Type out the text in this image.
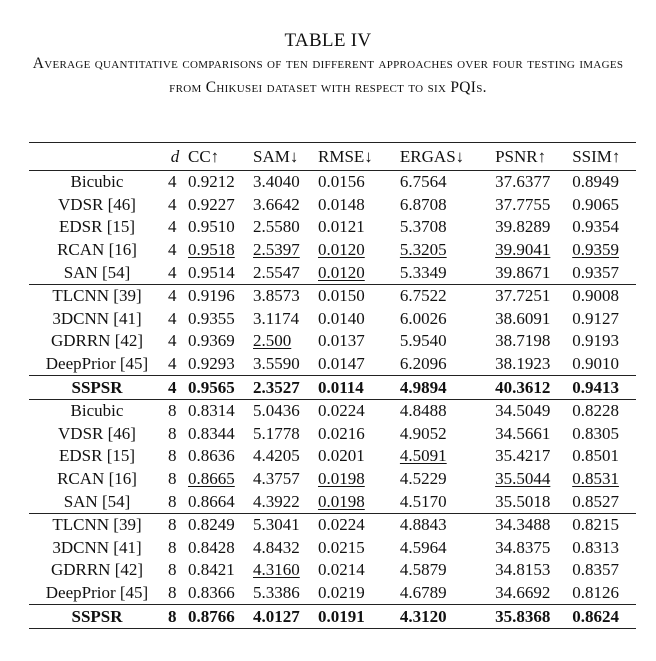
TABLE IV
Average quantitative comparisons of ten different approaches over four testing images from Chikusei dataset with respect to six PQIs.
	d	CC↑	SAM↓	RMSE↓	ERGAS↓	PSNR↑	SSIM↑
Bicubic	4	0.9212	3.4040	0.0156	6.7564	37.6377	0.8949
VDSR [46]	4	0.9227	3.6642	0.0148	6.8708	37.7755	0.9065
EDSR [15]	4	0.9510	2.5580	0.0121	5.3708	39.8289	0.9354
RCAN [16]	4	0.9518	2.5397	0.0120	5.3205	39.9041	0.9359
SAN [54]	4	0.9514	2.5547	0.0120	5.3349	39.8671	0.9357
TLCNN [39]	4	0.9196	3.8573	0.0150	6.7522	37.7251	0.9008
3DCNN [41]	4	0.9355	3.1174	0.0140	6.0026	38.6091	0.9127
GDRRN [42]	4	0.9369	2.500	0.0137	5.9540	38.7198	0.9193
DeepPrior [45]	4	0.9293	3.5590	0.0147	6.2096	38.1923	0.9010
SSPSR	4	0.9565	2.3527	0.0114	4.9894	40.3612	0.9413
Bicubic	8	0.8314	5.0436	0.0224	4.8488	34.5049	0.8228
VDSR [46]	8	0.8344	5.1778	0.0216	4.9052	34.5661	0.8305
EDSR [15]	8	0.8636	4.4205	0.0201	4.5091	35.4217	0.8501
RCAN [16]	8	0.8665	4.3757	0.0198	4.5229	35.5044	0.8531
SAN [54]	8	0.8664	4.3922	0.0198	4.5170	35.5018	0.8527
TLCNN [39]	8	0.8249	5.3041	0.0224	4.8843	34.3488	0.8215
3DCNN [41]	8	0.8428	4.8432	0.0215	4.5964	34.8375	0.8313
GDRRN [42]	8	0.8421	4.3160	0.0214	4.5879	34.8153	0.8357
DeepPrior [45]	8	0.8366	5.3386	0.0219	4.6789	34.6692	0.8126
SSPSR	8	0.8766	4.0127	0.0191	4.3120	35.8368	0.8624
